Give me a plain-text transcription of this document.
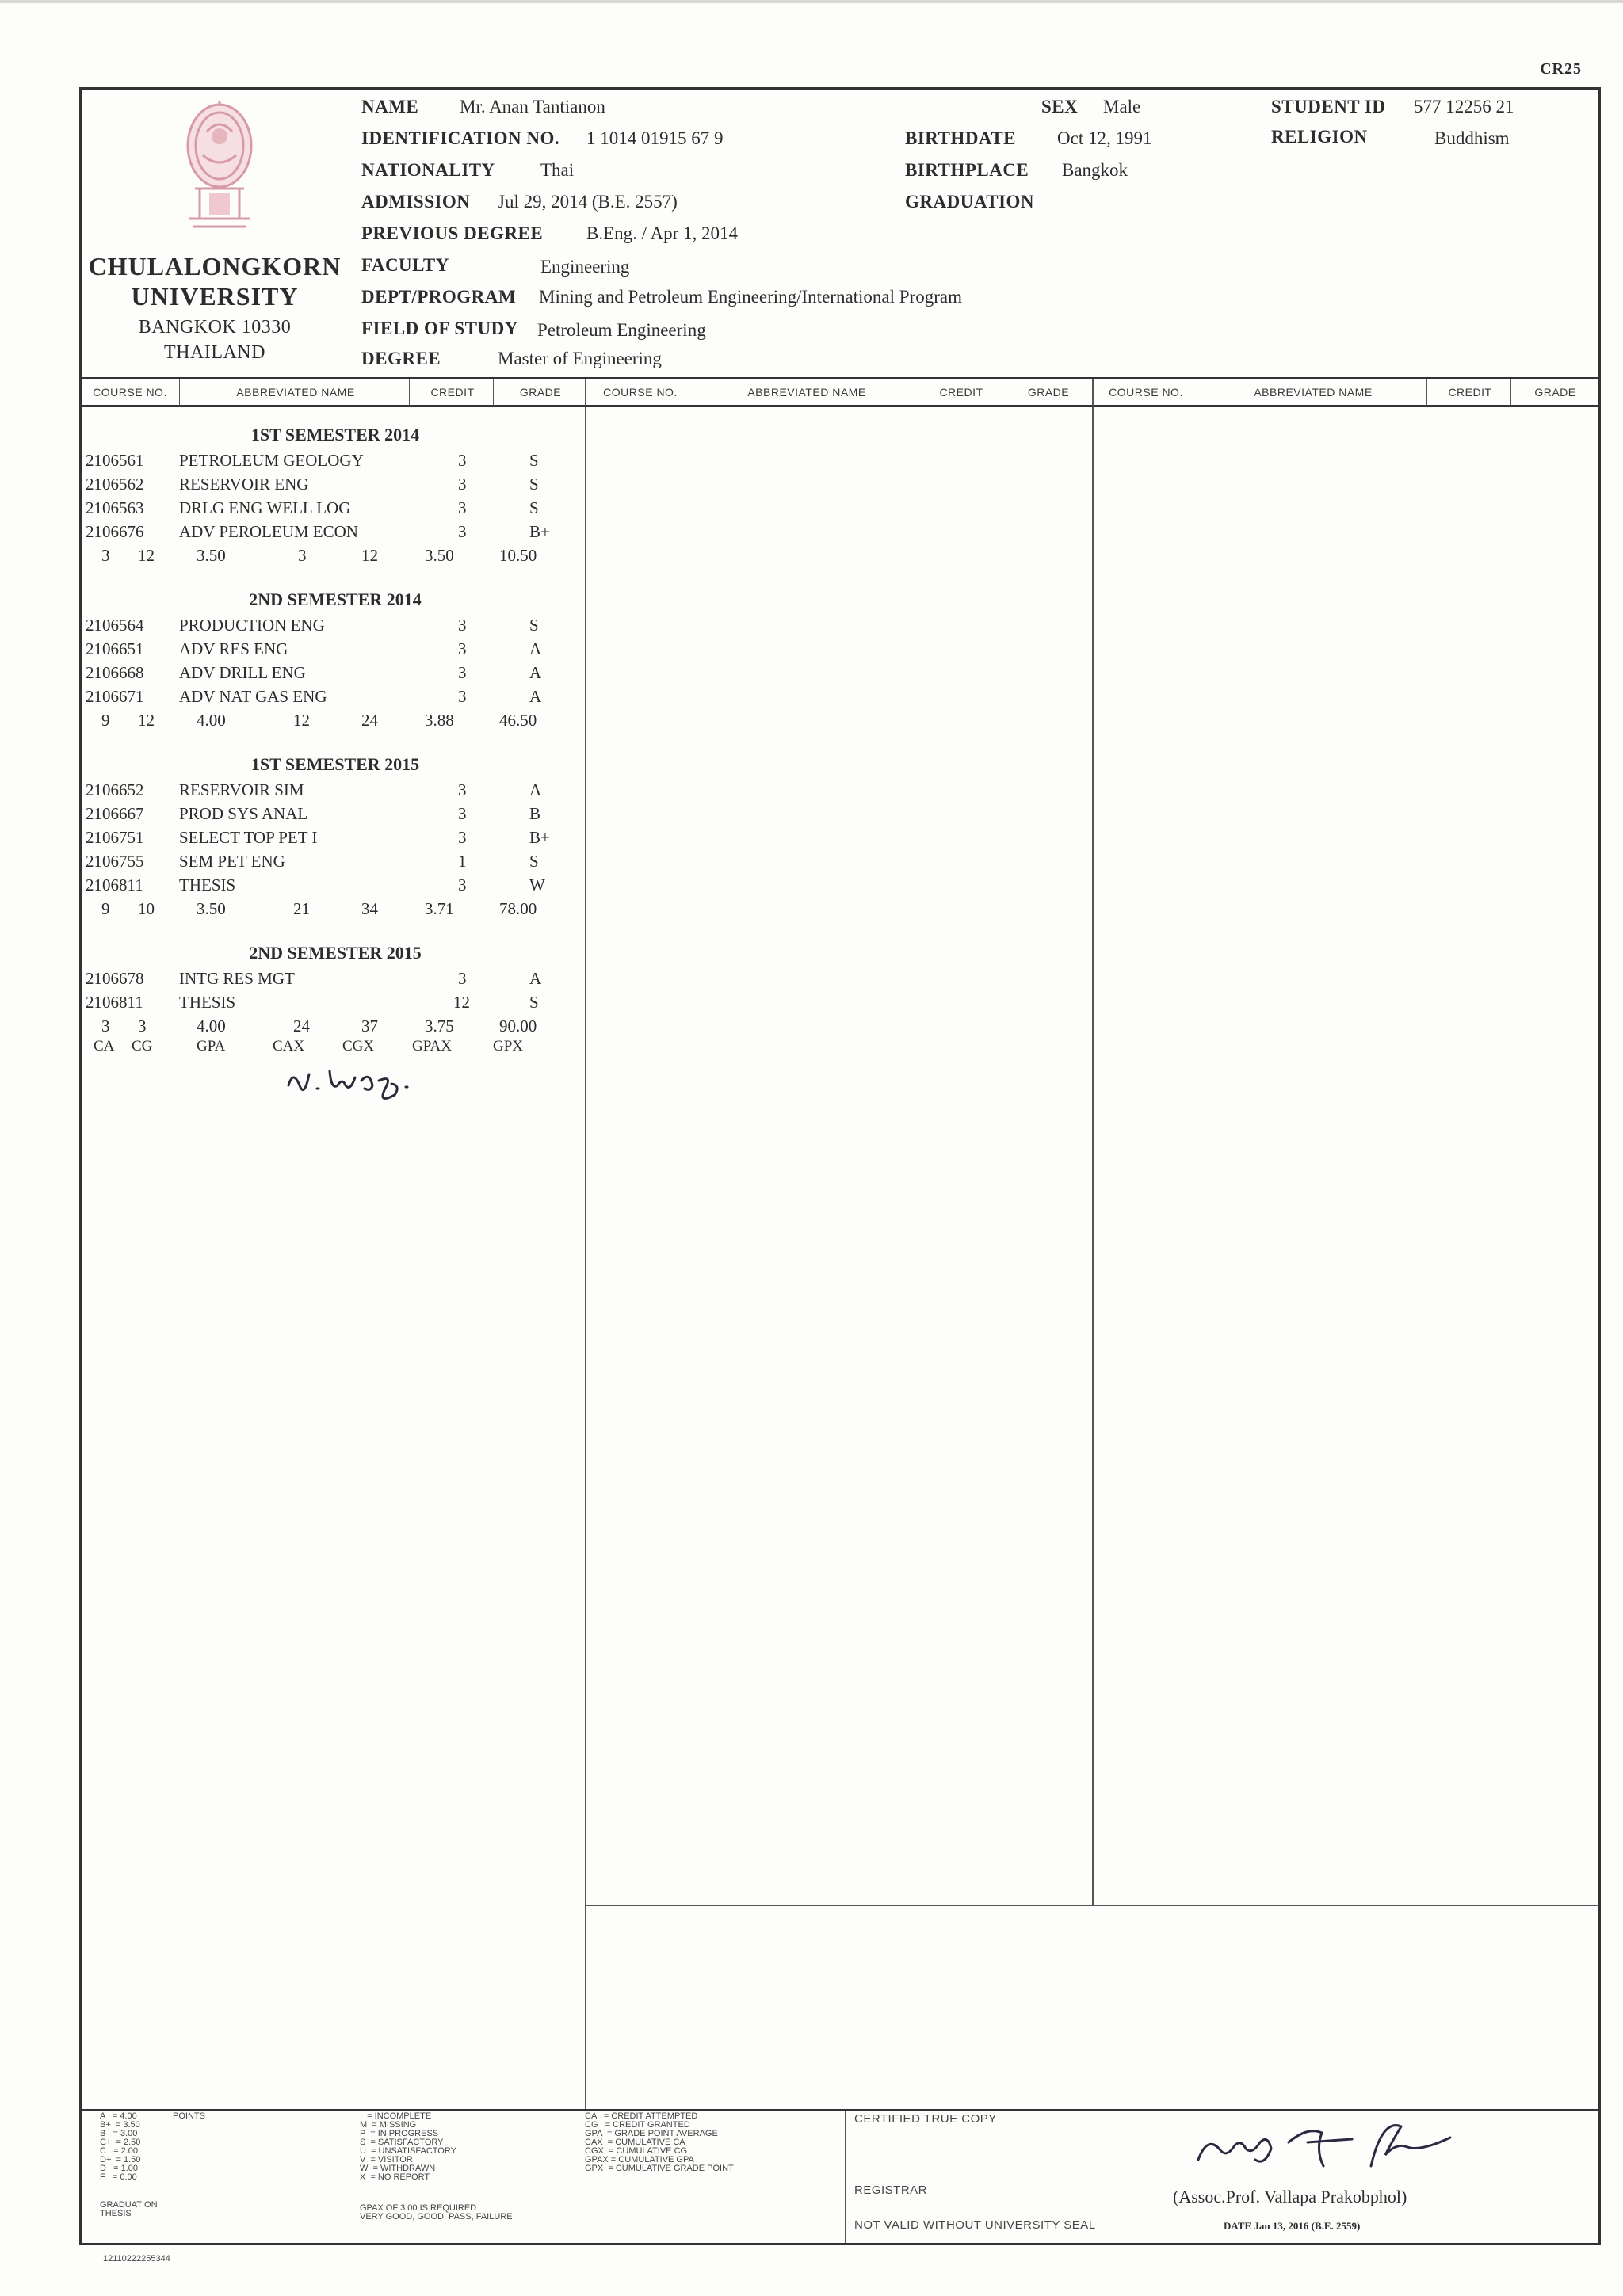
CR25
CHULALONGKORN
UNIVERSITY
BANGKOK 10330
THAILAND
NAME Mr. Anan Tantianon
IDENTIFICATION NO. 1 1014 01915 67 9
NATIONALITY Thai
ADMISSION Jul 29, 2014 (B.E. 2557)
PREVIOUS DEGREE B.Eng. / Apr 1, 2014
FACULTY	Engineering
DEPT/PROGRAM Mining and Petroleum Engineering/International Program
FIELD OF STUDY Petroleum Engineering
DEGREE	Master of Engineering
SEX Male
BIRTHDATE Oct 12, 1991
BIRTHPLACE Bangkok
GRADUATION
STUDENT ID 577 12256 21
RELIGION	Buddhism
COURSE NO.	ABBREVIATED NAME	CREDIT	GRADE	COURSE NO.	ABBREVIATED NAME	CREDIT	GRADE	COURSE NO.	ABBREVIATED NAME	CREDIT	GRADE
1ST SEMESTER 2014
2106561 PETROLEUM GEOLOGY	3	S
2106562 RESERVOIR ENG	3	S
2106563 DRLG ENG WELL LOG	3	S
2106676 ADV PEROLEUM ECON	3	B+
3 12	3.50	3	12	3.50	10.50
2ND SEMESTER 2014
2106564 PRODUCTION ENG	3	S
2106651 ADV RES ENG	3	A
2106668 ADV DRILL ENG	3	A
2106671 ADV NAT GAS ENG	3	A
9 12	4.00	12	24	3.88	46.50
1ST SEMESTER 2015
2106652 RESERVOIR SIM	3	A
2106667 PROD SYS ANAL	3	B
2106751 SELECT TOP PET I	3	B+
2106755 SEM PET ENG	1	S
2106811 THESIS	3	W
9 10	3.50	21	34	3.71	78.00
2ND SEMESTER 2015
2106678 INTG RES MGT	3	A
2106811 THESIS	12	S
3 3	4.00	24	37	3.75	90.00
CA CG	GPA	CAX	CGX	GPAX	GPX
A   = 4.00
B+  = 3.50
B   = 3.00
C+  = 2.50
C   = 2.00
D+  = 1.50
D   = 1.00
F   = 0.00
POINTS
GRADUATION
THESIS
I  = INCOMPLETE
M  = MISSING
P  = IN PROGRESS
S  = SATISFACTORY
U  = UNSATISFACTORY
V  = VISITOR
W  = WITHDRAWN
X  = NO REPORT
GPAX OF 3.00 IS REQUIRED
VERY GOOD, GOOD, PASS, FAILURE
CA   = CREDIT ATTEMPTED
CG   = CREDIT GRANTED
GPA  = GRADE POINT AVERAGE
CAX  = CUMULATIVE CA
CGX  = CUMULATIVE CG
GPAX = CUMULATIVE GPA
GPX  = CUMULATIVE GRADE POINT
12110222255344
CERTIFIED TRUE COPY
REGISTRAR
NOT VALID WITHOUT UNIVERSITY SEAL
(Assoc.Prof. Vallapa Prakobphol)
DATE Jan 13, 2016 (B.E. 2559)
